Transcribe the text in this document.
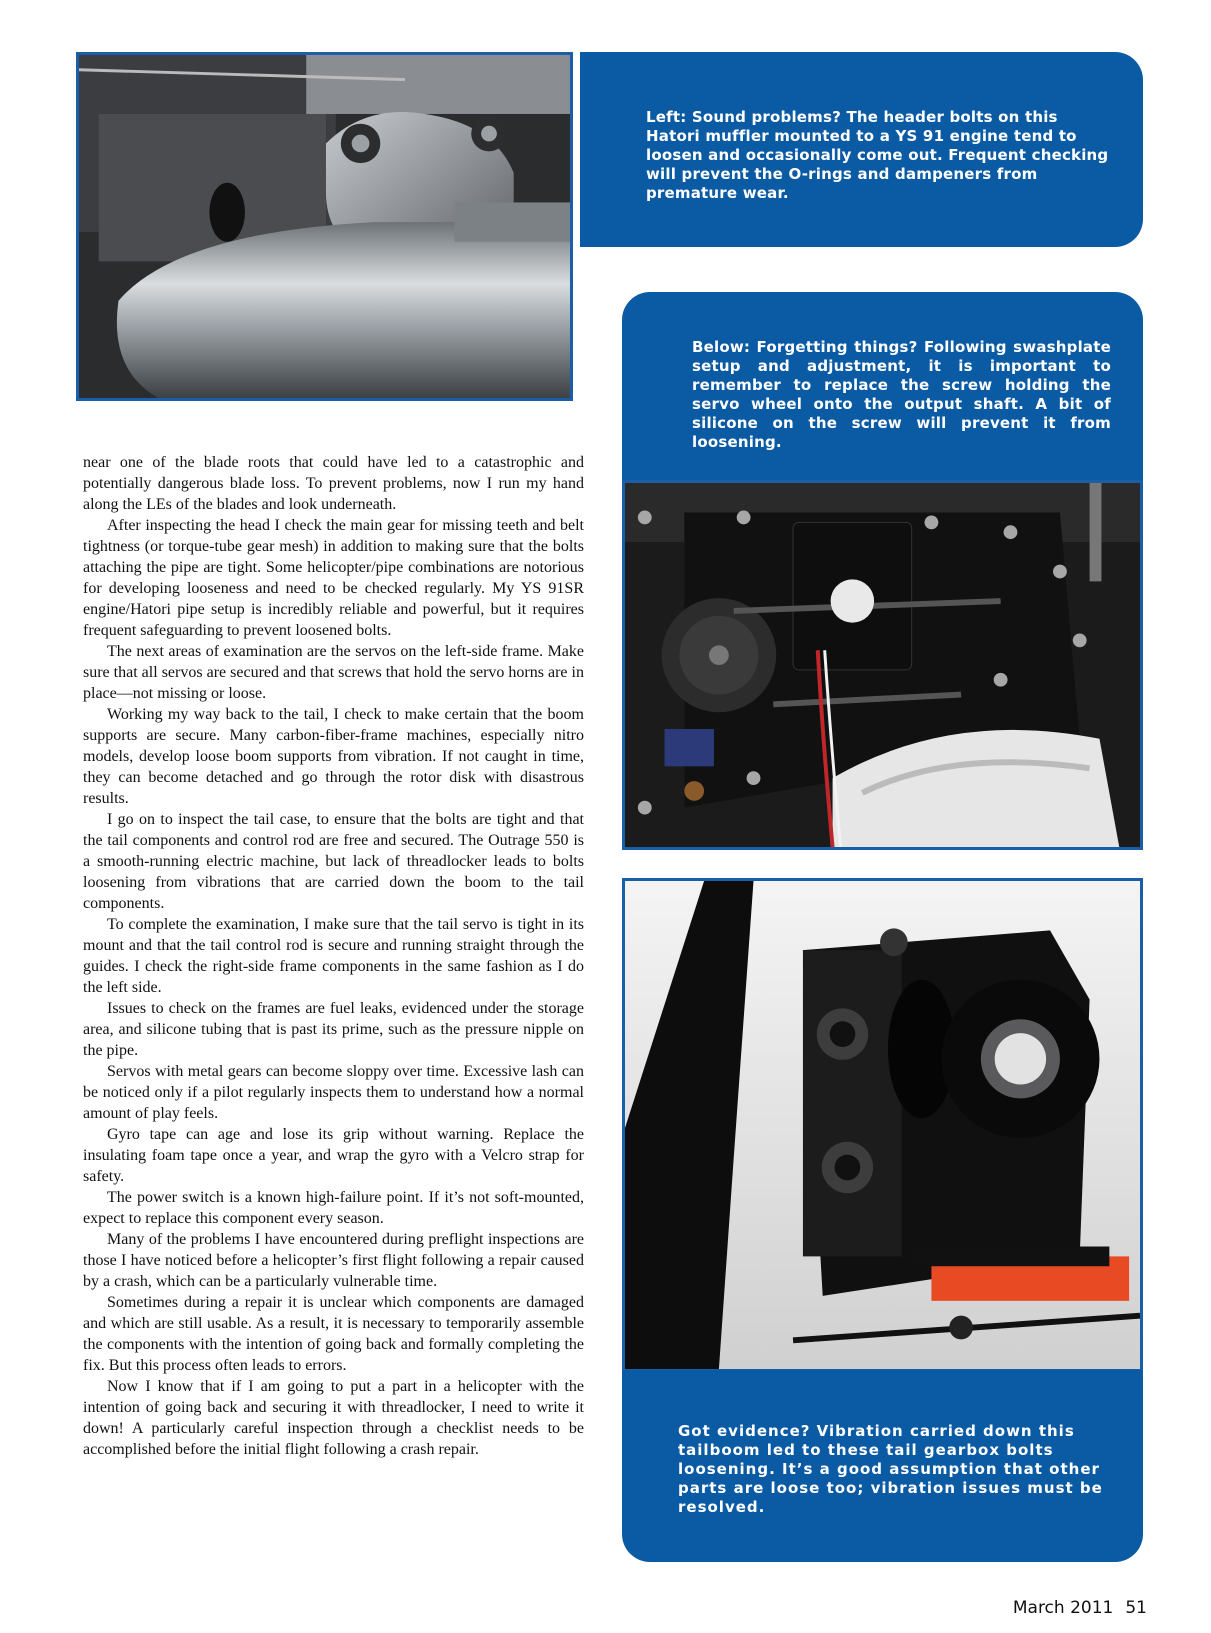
Left: Sound problems? The header bolts on this Hatori muffler mounted to a YS 91 engine tend to loosen and occasionally come out. Frequent checking will prevent the O-rings and dampeners from premature wear.
Below: Forgetting things? Following swashplate setup and adjustment, it is important to remember to replace the screw holding the servo wheel onto the output shaft. A bit of silicone on the screw will prevent it from loosening.
Got evidence? Vibration carried down this tailboom led to these tail gearbox bolts loosening. It’s a good assumption that other parts are loose too; vibration issues must be resolved.

near one of the blade roots that could have led to a catastrophic and potentially dangerous blade loss. To prevent problems, now I run my hand along the LEs of the blades and look underneath.

After inspecting the head I check the main gear for missing teeth and belt tightness (or torque-tube gear mesh) in addition to making sure that the bolts attaching the pipe are tight. Some helicopter/pipe combinations are notorious for developing looseness and need to be checked regularly. My YS 91SR engine/Hatori pipe setup is incredibly reliable and powerful, but it requires frequent safeguarding to prevent loosened bolts.

The next areas of examination are the servos on the left-side frame. Make sure that all servos are secured and that screws that hold the servo horns are in place—not missing or loose.

Working my way back to the tail, I check to make certain that the boom supports are secure. Many carbon-fiber-frame machines, especially nitro models, develop loose boom supports from vibration. If not caught in time, they can become detached and go through the rotor disk with disastrous results.

I go on to inspect the tail case, to ensure that the bolts are tight and that the tail components and control rod are free and secured. The Outrage 550 is a smooth-running electric machine, but lack of threadlocker leads to bolts loosening from vibrations that are carried down the boom to the tail components.

To complete the examination, I make sure that the tail servo is tight in its mount and that the tail control rod is secure and running straight through the guides. I check the right-side frame components in the same fashion as I do the left side.

Issues to check on the frames are fuel leaks, evidenced under the storage area, and silicone tubing that is past its prime, such as the pressure nipple on the pipe.

Servos with metal gears can become sloppy over time. Excessive lash can be noticed only if a pilot regularly inspects them to understand how a normal amount of play feels.

Gyro tape can age and lose its grip without warning. Replace the insulating foam tape once a year, and wrap the gyro with a Velcro strap for safety.

The power switch is a known high-failure point. If it’s not soft-mounted, expect to replace this component every season.

Many of the problems I have encountered during preflight inspections are those I have noticed before a helicopter’s first flight following a repair caused by a crash, which can be a particularly vulnerable time.

Sometimes during a repair it is unclear which components are damaged and which are still usable. As a result, it is necessary to temporarily assemble the components with the intention of going back and formally completing the fix. But this process often leads to errors.

Now I know that if I am going to put a part in a helicopter with the intention of going back and securing it with threadlocker, I need to write it down! A particularly careful inspection through a checklist needs to be accomplished before the initial flight following a crash repair.

March 2011 51
